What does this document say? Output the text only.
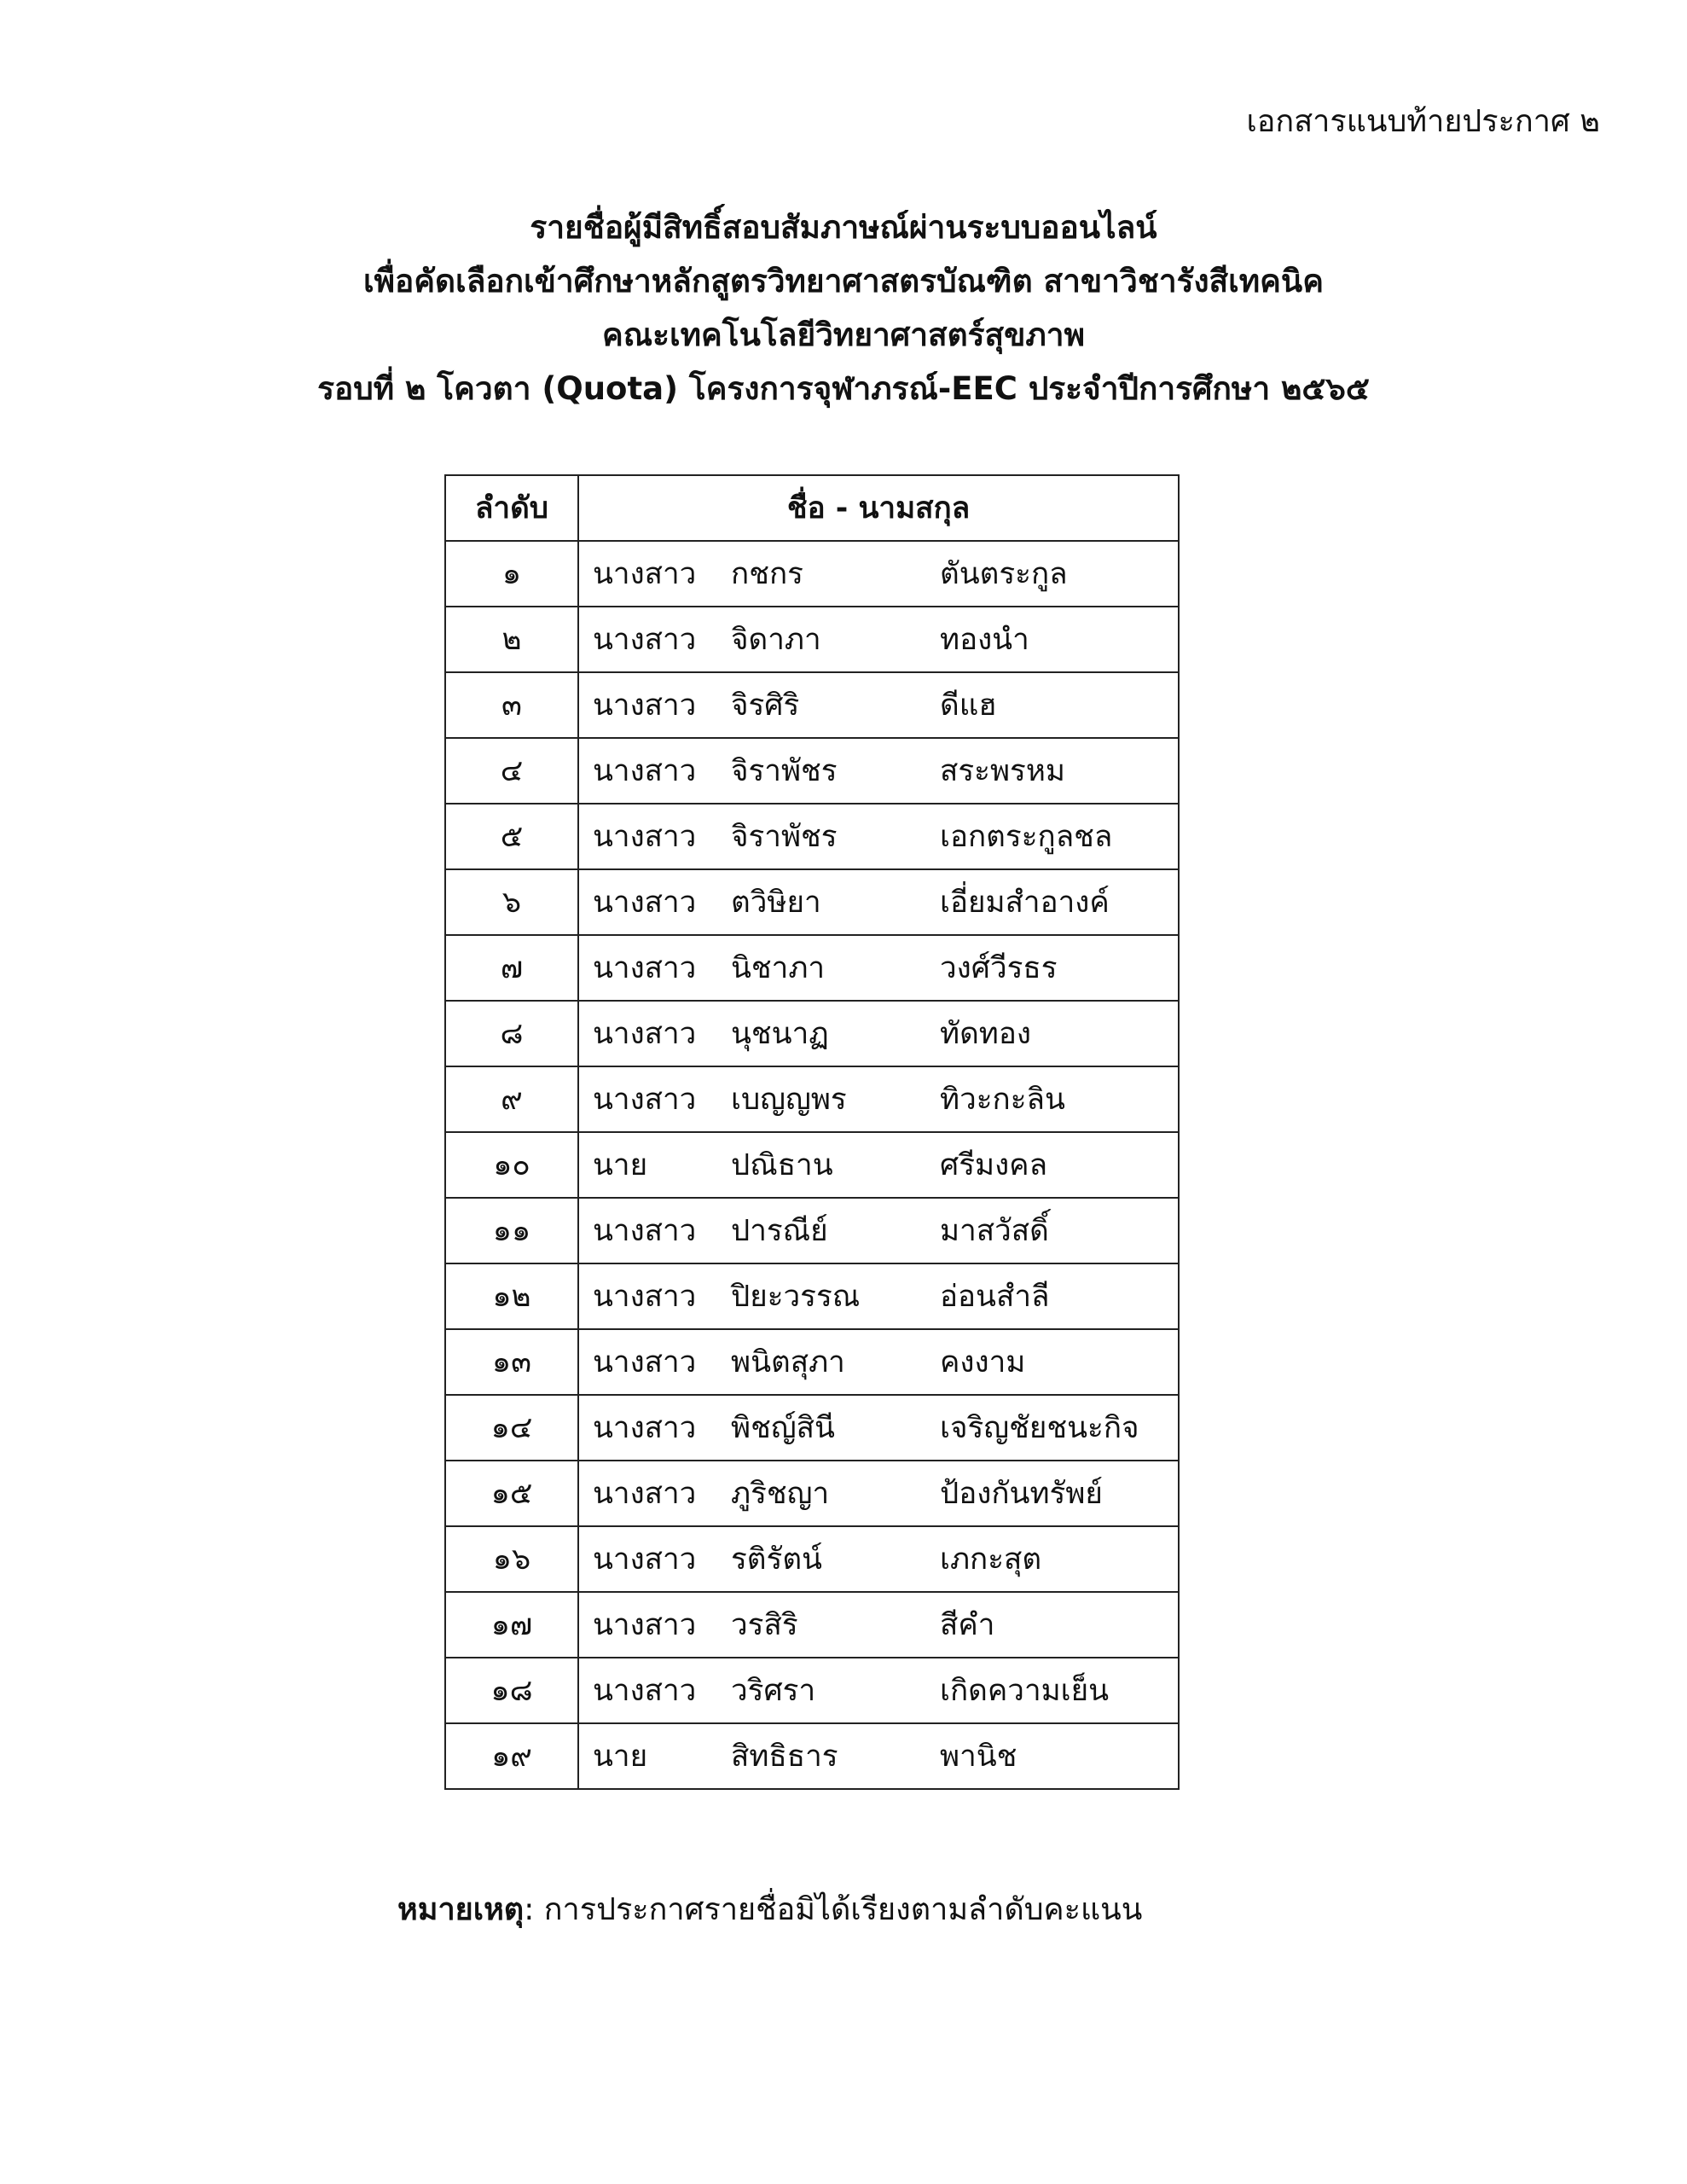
เอกสารแนบท้ายประกาศ ๒
รายชื่อผู้มีสิทธิ์สอบสัมภาษณ์ผ่านระบบออนไลน์
เพื่อคัดเลือกเข้าศึกษาหลักสูตรวิทยาศาสตรบัณฑิต สาขาวิชารังสีเทคนิค
คณะเทคโนโลยีวิทยาศาสตร์สุขภาพ
รอบที่ ๒ โควตา (Quota) โครงการจุฬาภรณ์-EEC ประจำปีการศึกษา ๒๕๖๕
ลำดับ	ชื่อ - นามสกุล
๑	นางสาว กชกร ตันตระกูล

๒	นางสาว จิดาภา ทองนำ

๓	นางสาว จิรศิริ ดีแฮ

๔	นางสาว จิราพัชร สระพรหม

๕	นางสาว จิราพัชร เอกตระกูลชล

๖	นางสาว ตวิษิยา เอี่ยมสำอางค์

๗	นางสาว นิชาภา วงศ์วีรธร

๘	นางสาว นุชนาฏ ทัดทอง

๙	นางสาว เบญญพร ทิวะกะลิน

๑๐	นาย ปณิธาน ศรีมงคล

๑๑	นางสาว ปารณีย์ มาสวัสดิ์

๑๒	นางสาว ปิยะวรรณ อ่อนสำลี

๑๓	นางสาว พนิตสุภา คงงาม

๑๔	นางสาว พิชญ์สินี เจริญชัยชนะกิจ

๑๕	นางสาว ภูริชญา ป้องกันทรัพย์

๑๖	นางสาว รติรัตน์ เภกะสุต

๑๗	นางสาว วรสิริ สีคำ

๑๘	นางสาว วริศรา เกิดความเย็น

๑๙	นาย สิทธิธาร พานิช
หมายเหตุ: การประกาศรายชื่อมิได้เรียงตามลำดับคะแนน
